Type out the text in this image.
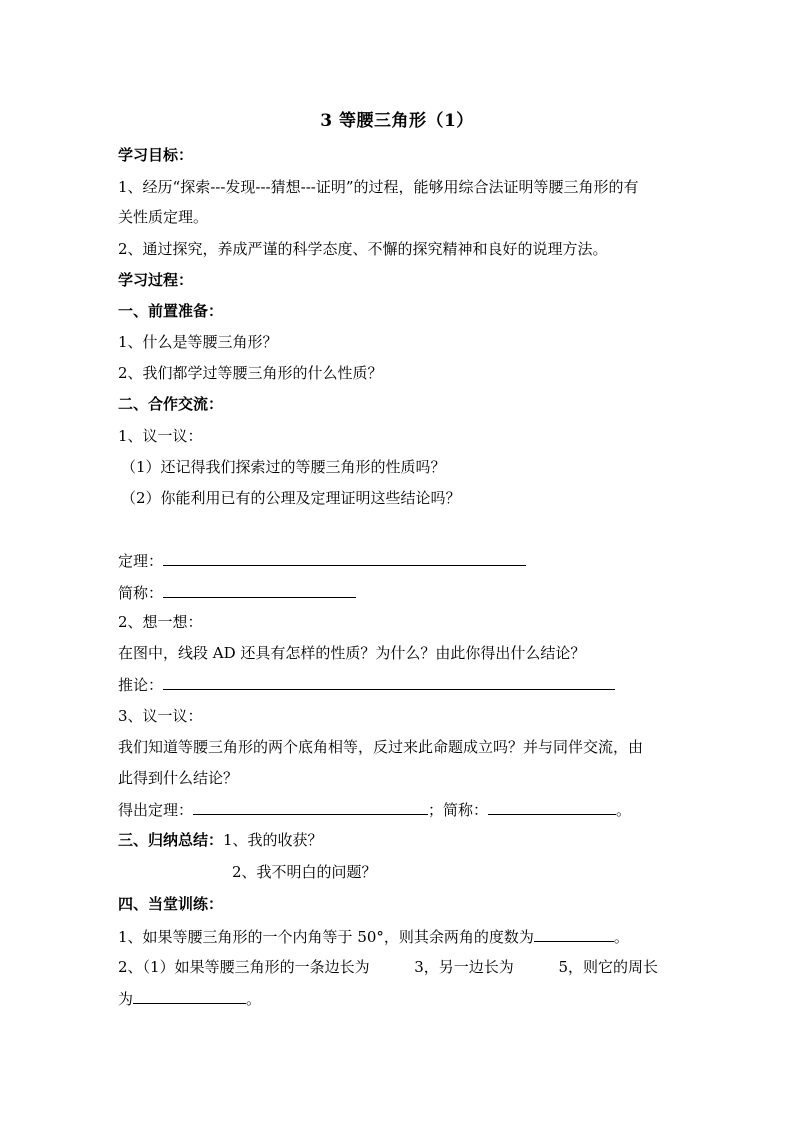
3 等腰三角形（1）
学习目标：
1、经历“探索---发现---猜想---证明”的过程，能够用综合法证明等腰三角形的有
关性质定理。
2、通过探究，养成严谨的科学态度、不懈的探究精神和良好的说理方法。
学习过程：
一、前置准备：
1、什么是等腰三角形？
2、我们都学过等腰三角形的什么性质？
二、合作交流：
1、议一议：
（1）还记得我们探索过的等腰三角形的性质吗？
（2）你能利用已有的公理及定理证明这些结论吗？
定理：
简称：
2、想一想：
在图中，线段 AD 还具有怎样的性质？为什么？由此你得出什么结论？
推论：
3、议一议：
我们知道等腰三角形的两个底角相等，反过来此命题成立吗？并与同伴交流，由
此得到什么结论？
得出定理：	；简称：	。
三、归纳总结：1、我的收获？
2、我不明白的问题？
四、当堂训练：
1、如果等腰三角形的一个内角等于 50°，则其余两角的度数为	。
2、（1）如果等腰三角形的一条边长为	3，另一边长为	5，则它的周长
为	。
